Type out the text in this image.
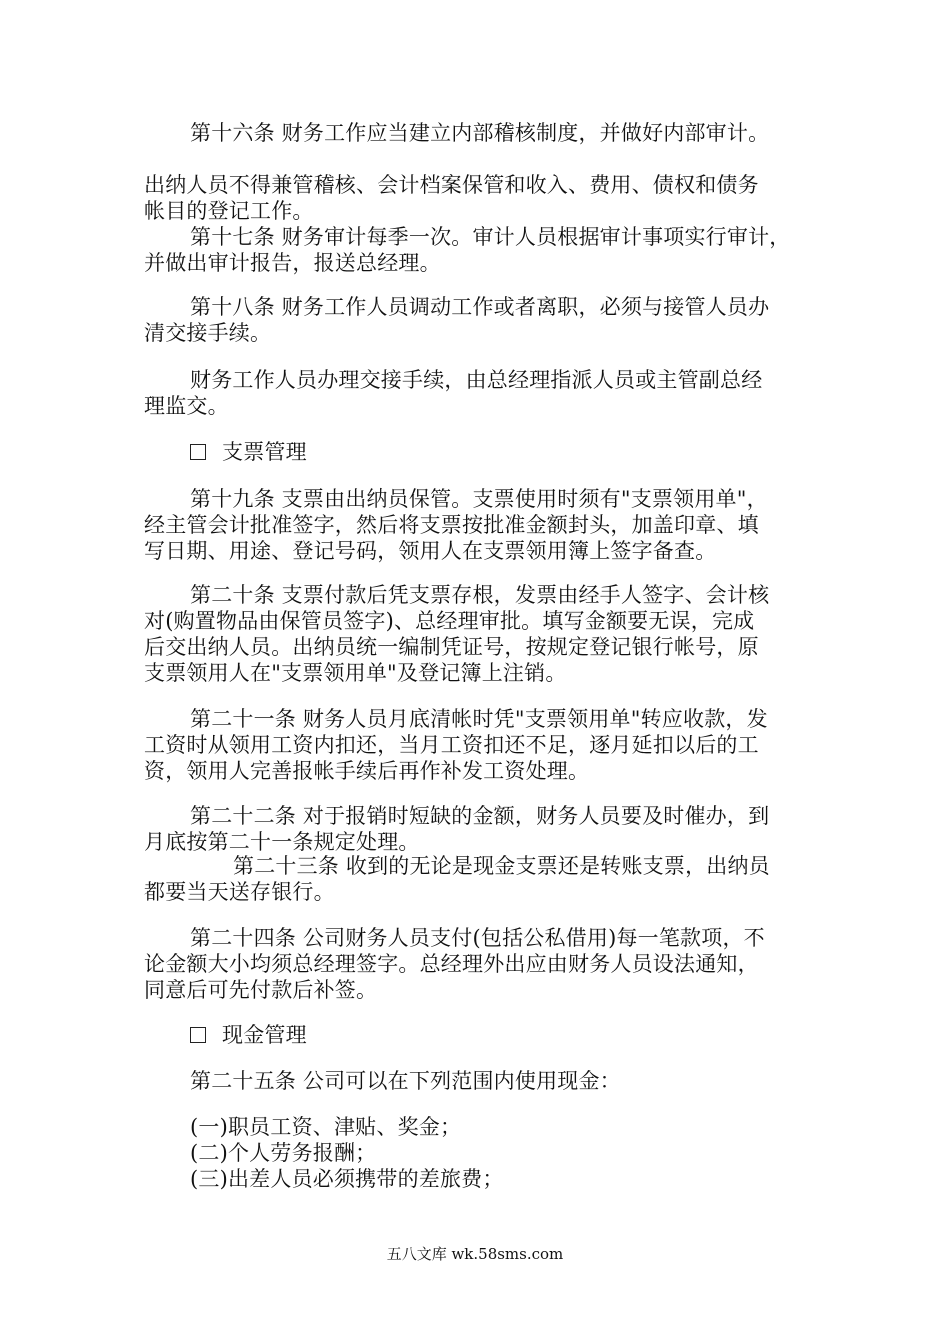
第十六条 财务工作应当建立内部稽核制度，并做好内部审计。
出纳人员不得兼管稽核、会计档案保管和收入、费用、债权和债务
帐目的登记工作。
第十七条 财务审计每季一次。审计人员根据审计事项实行审计，
并做出审计报告，报送总经理。
第十八条 财务工作人员调动工作或者离职，必须与接管人员办
清交接手续。
财务工作人员办理交接手续，由总经理指派人员或主管副总经
理监交。
支票管理
第十九条 支票由出纳员保管。支票使用时须有"支票领用单"，
经主管会计批准签字，然后将支票按批准金额封头，加盖印章、填
写日期、用途、登记号码，领用人在支票领用簿上签字备查。
第二十条 支票付款后凭支票存根，发票由经手人签字、会计核
对(购置物品由保管员签字)、总经理审批。填写金额要无误，完成
后交出纳人员。出纳员统一编制凭证号，按规定登记银行帐号，原
支票领用人在"支票领用单"及登记簿上注销。
第二十一条 财务人员月底清帐时凭"支票领用单"转应收款，发
工资时从领用工资内扣还，当月工资扣还不足，逐月延扣以后的工
资，领用人完善报帐手续后再作补发工资处理。
第二十二条 对于报销时短缺的金额，财务人员要及时催办，到
月底按第二十一条规定处理。
第二十三条 收到的无论是现金支票还是转账支票，出纳员
都要当天送存银行。
第二十四条 公司财务人员支付(包括公私借用)每一笔款项，不
论金额大小均须总经理签字。总经理外出应由财务人员设法通知，
同意后可先付款后补签。
现金管理
第二十五条 公司可以在下列范围内使用现金：
(一)职员工资、津贴、奖金；
(二)个人劳务报酬；
(三)出差人员必须携带的差旅费；
五八文库 wk.58sms.com
